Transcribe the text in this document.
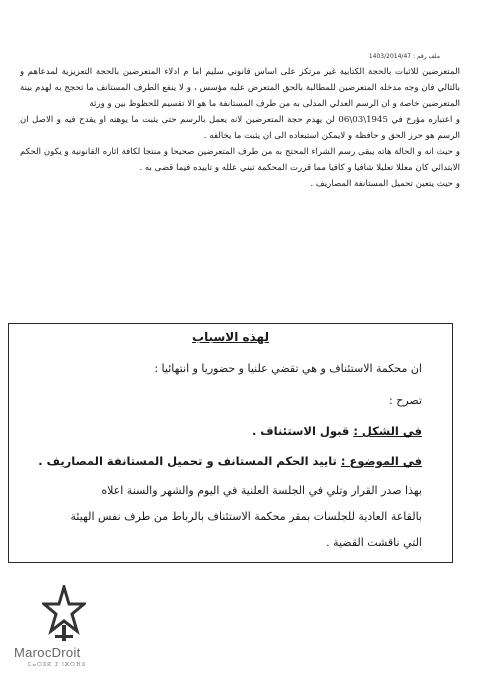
ملف رقم : 1403/2014/47

المتعرضين للاثبات بالحجة الكتابية غير مرتكز على اساس قانوني سليم اما م ادلاء المتعرضين بالحجة التعزيزية لمدعاهم و بالتالي فان وجه مدخله المتعرضين للمطالبة بالحق المتعرض عليه مؤسس ، و لا ينفع الطرف المستانف ما تحجج به لهدم بينة المتعرضين خاصة و ان الرسم العدلي المدلى به من طرف المستانفة ما هو الا تقسيم للحظوظ بين و ورثة

و اعتباره مؤرخ في 1945\03\06 لن يهدم حجة المتعرضين لانه يعمل بالرسم حتى يثبت ما يوهنه او يقدح فيه و الاصل ان الرسم هو حرز الحق و حافظه و لايمكن استبعاده الى ان يثبت ما يخالفه .

و حيث انه و الحالة هاته يبقى رسم الشراء المحتج به من طرف المتعرضين صحيحا و منتجا لكافة اثاره القانونية و يكون الحكم الابتدائي كان معللا تعليلا شافيا و كافيا مما قررت المحكمة تبني علله و تاييده فيما قضى به .

و حيث يتعين تحميل المستانفة المصاريف .

لهذه الاسباب
ان محكمة الاستئناف و هي تقضي علنيا و حضوريا و انتهائيا :
تصرح :
في الشكل : قبول الاستئناف .
في الموضوع : تاييد الحكم المستانف و تحميل المستانفة المصاريف .
بهذا صدر القرار وتلي في الجلسة العلنية في اليوم والشهر والسنة اعلاه
بالقاعة العادية للجلسات بمقر محكمة الاستئناف بالرباط من طرف نفس الهيئة
التي ناقشت القضية .
MarocDroit
ⵎⴰⵔⵓⴽ ⵉ ⵏⵣⵔⴼⵓ
